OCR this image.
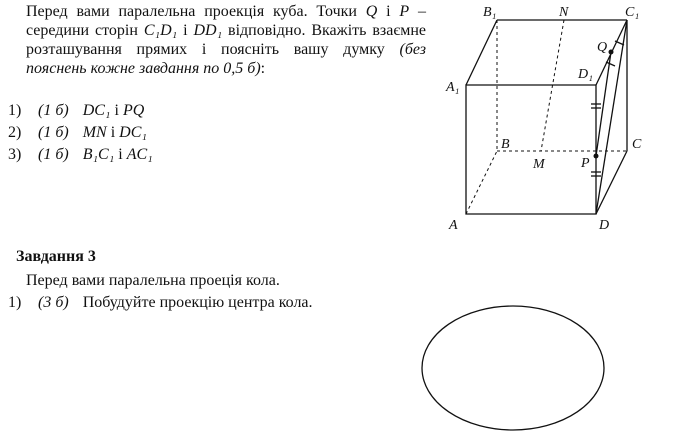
Перед вами паралельна проекція куба. Точки Q і P – середини сторін C₁D₁ і DD₁ відповідно. Вкажіть взаємне розташування прямих і поясніть вашу думку (без пояснень кожне завдання по 0,5 б):
1) (1 б) DC₁ і PQ
2) (1 б) MN і DC₁
3) (1 б) B₁C₁ і AC₁
Завдання 3
Перед вами паралельна проеція кола.
1) (3 б) Побудуйте проекцію центра кола.
B₁	N	C₁
Q
D₁
A₁
B	C
M	P
A	D
